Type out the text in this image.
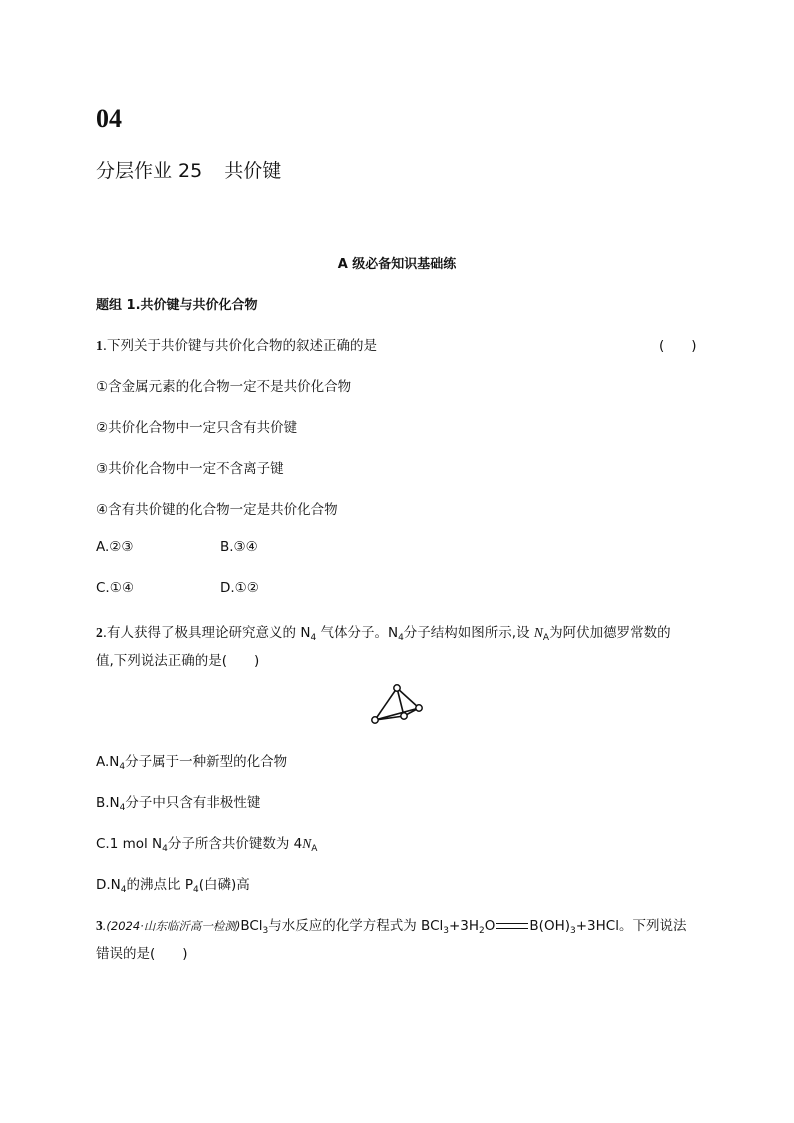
04
分层作业 25 共价键
A 级必备知识基础练
题组 1.共价键与共价化合物
1.下列关于共价键与共价化合物的叙述正确的是	(　　)
①含金属元素的化合物一定不是共价化合物
②共价化合物中一定只含有共价键
③共价化合物中一定不含离子键
④含有共价键的化合物一定是共价化合物
A.②③	B.③④
C.①④	D.①②
2.有人获得了极具理论研究意义的 $N_4$ 气体分子。$N_4$分子结构如图所示,设 $N_A$为阿伏加德罗常数的
值,下列说法正确的是(　　)
$A.N_4$分子属于一种新型的化合物
$B.N_4$分子中只含有非极性键
C.1 mol $N_4$分子所含共价键数为 $4N_A$
$D.N_4$的沸点比 $P_4$(白磷)高
3.(2024·山东临沂高一检测)BCl$_3$与水反应的化学方程式为 $BCl_3+3H_2O$	$B(OH)_3+3HCl$。下列说法
错误的是(　　)
